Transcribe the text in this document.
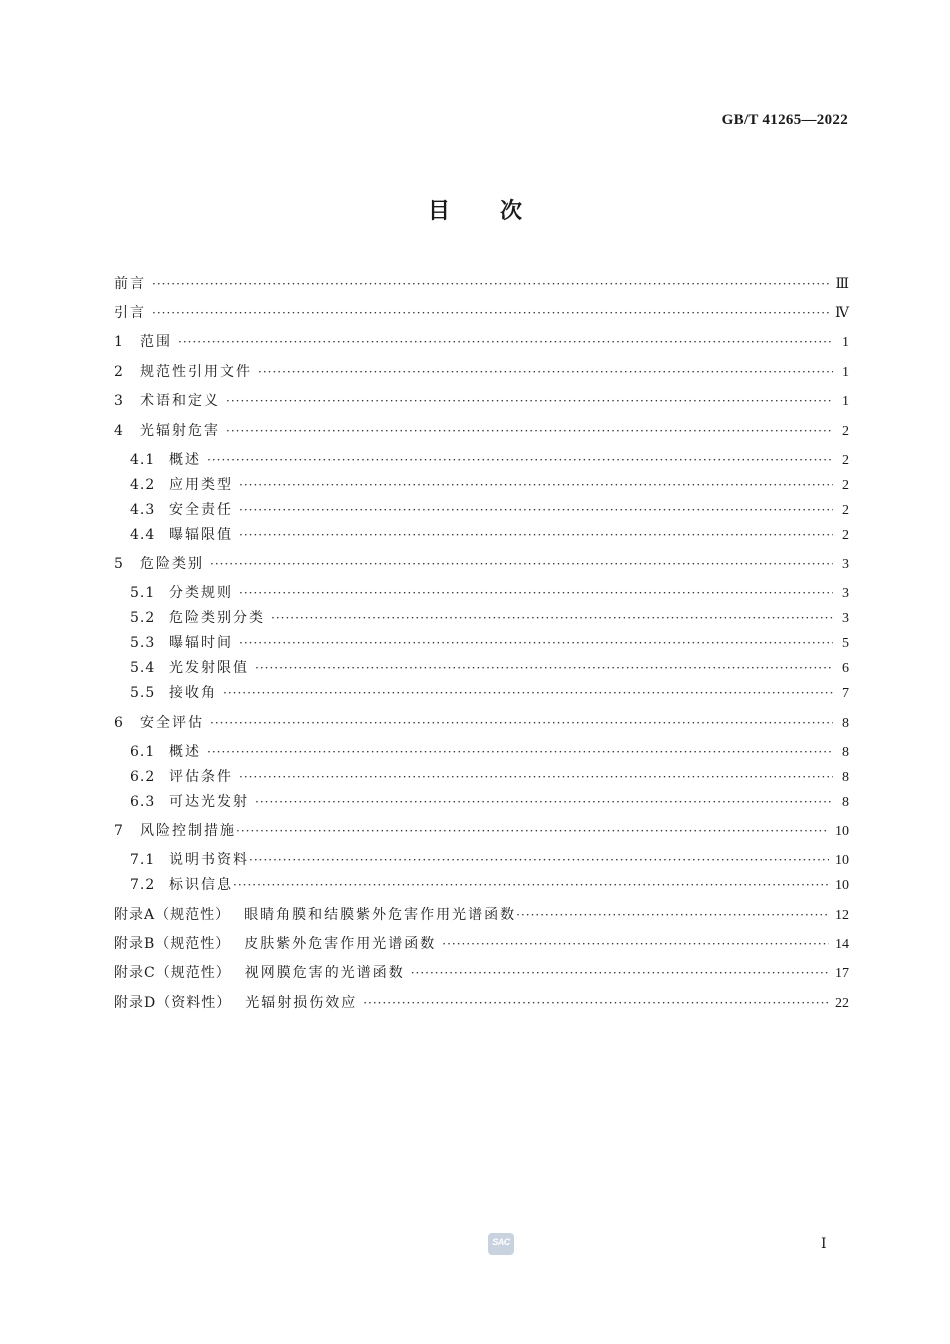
GB/T 41265—2022
目次
前言 ·····	Ⅲ
引言 ·····	Ⅳ
1	范围 ·····	1
2	规范性引用文件 ·····	1
3	术语和定义 ·····	1
4	光辐射危害 ·····	2
4.1 概述 ·····	2
4.2 应用类型 ·····	2
4.3 安全责任 ·····	2
4.4 曝辐限值 ·····	2
5	危险类别 ·····	3
5.1 分类规则 ·····	3
5.2 危险类别分类 ·····	3
5.3 曝辐时间 ·····	5
5.4 光发射限值 ·····	6
5.5 接收角 ·····	7
6	安全评估 ·····	8
6.1 概述 ·····	8
6.2 评估条件 ·····	8
6.3 可达光发射 ·····	8
7	风险控制措施 ·····	10
7.1 说明书资料 ·····	10
7.2 标识信息 ·····	10
附录A（规范性） 眼睛角膜和结膜紫外危害作用光谱函数 ·····	12
附录B（规范性） 皮肤紫外危害作用光谱函数 ·····	14
附录C（规范性） 视网膜危害的光谱函数 ·····	17
附录D（资料性） 光辐射损伤效应 ·····	22
SAC	Ⅰ
